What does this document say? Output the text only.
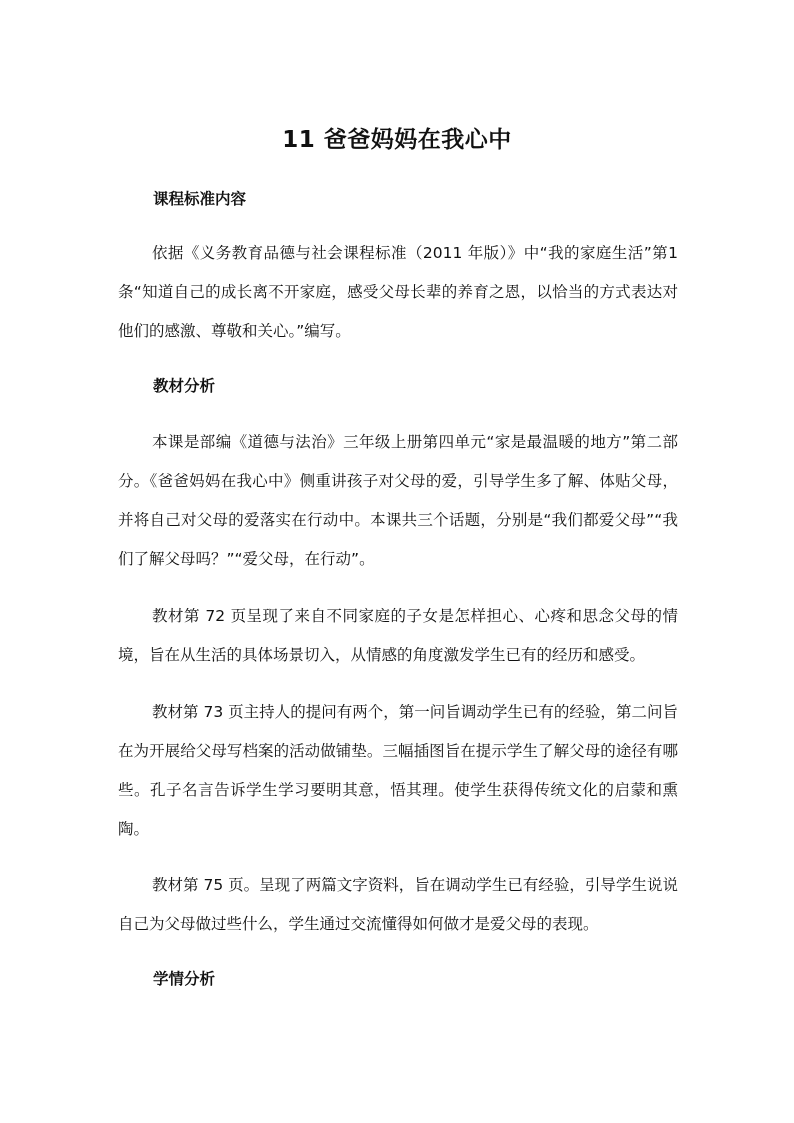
11 爸爸妈妈在我心中
课程标准内容

依据《义务教育品德与社会课程标准（2011 年版）》中“我的家庭生活”第1条“知道自己的成长离不开家庭，感受父母长辈的养育之恩，以恰当的方式表达对他们的感激、尊敬和关心。”编写。

教材分析

本课是部编《道德与法治》三年级上册第四单元“家是最温暖的地方”第二部分。《爸爸妈妈在我心中》侧重讲孩子对父母的爱，引导学生多了解、体贴父母，并将自己对父母的爱落实在行动中。本课共三个话题，分别是“我们都爱父母”“我们了解父母吗？”“爱父母，在行动”。

教材第 72 页呈现了来自不同家庭的子女是怎样担心、心疼和思念父母的情境，旨在从生活的具体场景切入，从情感的角度激发学生已有的经历和感受。

教材第 73 页主持人的提问有两个，第一问旨调动学生已有的经验，第二问旨在为开展给父母写档案的活动做铺垫。三幅插图旨在提示学生了解父母的途径有哪些。孔子名言告诉学生学习要明其意，悟其理。使学生获得传统文化的启蒙和熏陶。

教材第 75 页。呈现了两篇文字资料，旨在调动学生已有经验，引导学生说说自己为父母做过些什么，学生通过交流懂得如何做才是爱父母的表现。

学情分析
